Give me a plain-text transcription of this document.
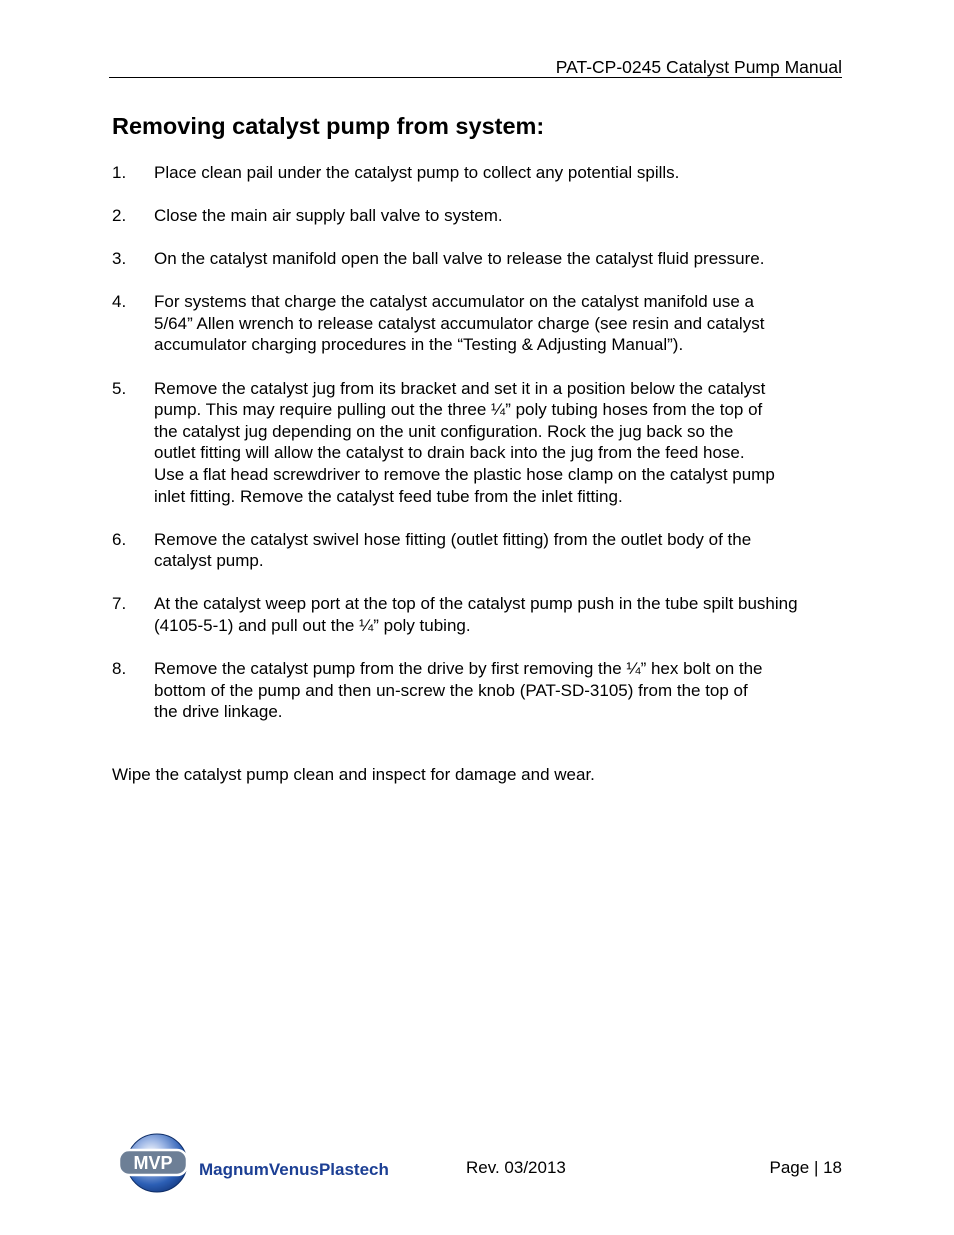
PAT-CP-0245 Catalyst Pump Manual
Removing catalyst pump from system:
1. Place clean pail under the catalyst pump to collect any potential spills.
2. Close the main air supply ball valve to system.
3. On the catalyst manifold open the ball valve to release the catalyst fluid pressure.
4. For systems that charge the catalyst accumulator on the catalyst manifold use a
5/64” Allen wrench to release catalyst accumulator charge (see resin and catalyst
accumulator charging procedures in the “Testing & Adjusting Manual”).
5. Remove the catalyst jug from its bracket and set it in a position below the catalyst
pump. This may require pulling out the three ¼” poly tubing hoses from the top of
the catalyst jug depending on the unit configuration. Rock the jug back so the
outlet fitting will allow the catalyst to drain back into the jug from the feed hose.
Use a flat head screwdriver to remove the plastic hose clamp on the catalyst pump
inlet fitting. Remove the catalyst feed tube from the inlet fitting.
6. Remove the catalyst swivel hose fitting (outlet fitting) from the outlet body of the
catalyst pump.
7. At the catalyst weep port at the top of the catalyst pump push in the tube spilt bushing
(4105-5-1) and pull out the ¼” poly tubing.
8. Remove the catalyst pump from the drive by first removing the ¼” hex bolt on the
bottom of the pump and then un-screw the knob (PAT-SD-3105) from the top of
the drive linkage.

Wipe the catalyst pump clean and inspect for damage and wear.

MVP MagnumVenusPlastech	Rev. 03/2013	Page | 18
